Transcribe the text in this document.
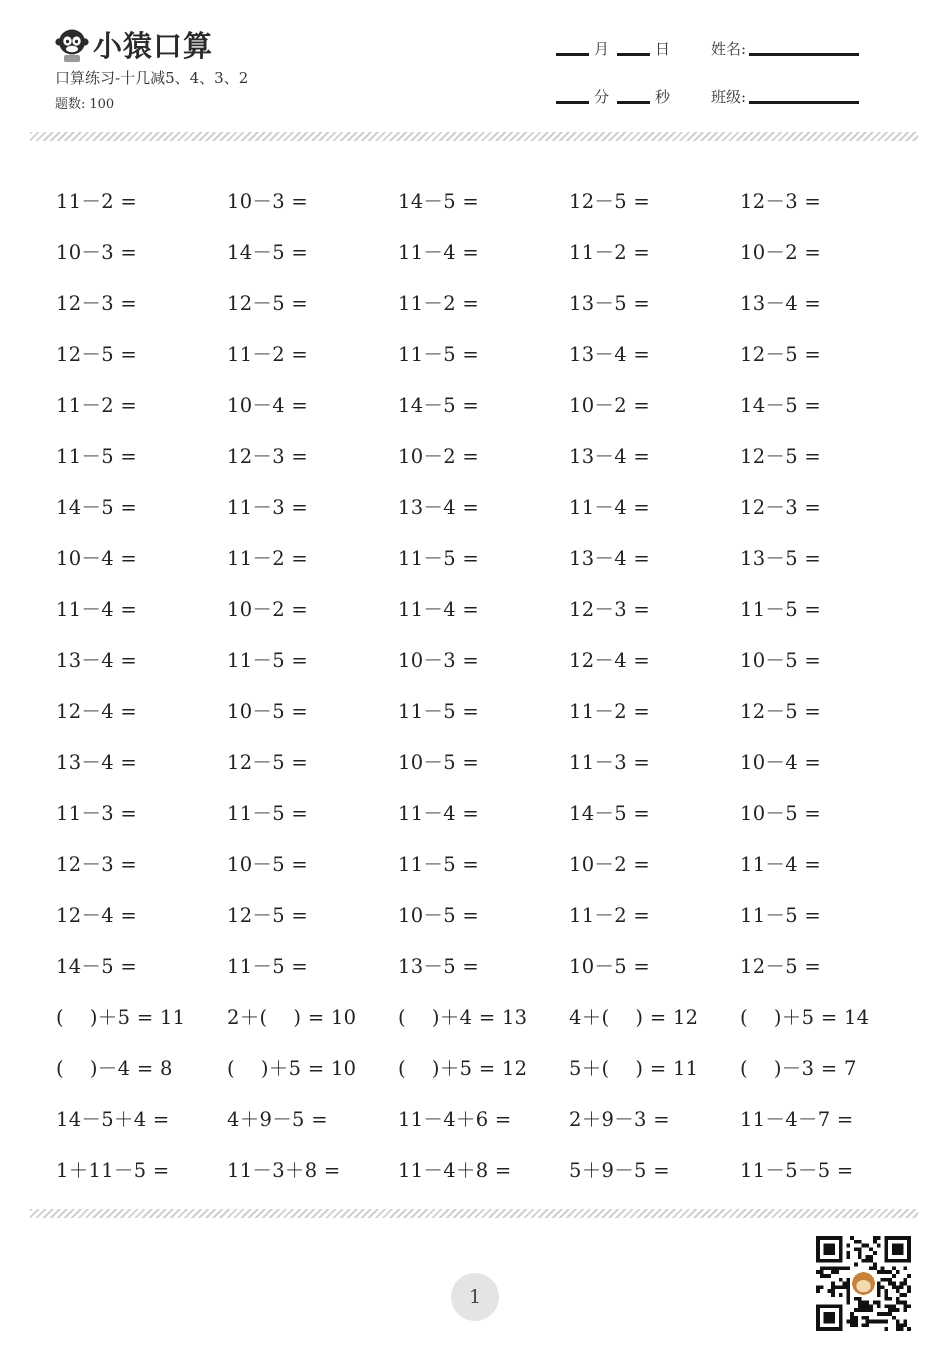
小猿口算
口算练习-十几减5、4、3、2
题数: 100
月	日
分	秒
姓名:
班级:
11－2 =	10－3 =	14－5 =	12－5 =	12－3 =
10－3 =	14－5 =	11－4 =	11－2 =	10－2 =
12－3 =	12－5 =	11－2 =	13－5 =	13－4 =
12－5 =	11－2 =	11－5 =	13－4 =	12－5 =
11－2 =	10－4 =	14－5 =	10－2 =	14－5 =
11－5 =	12－3 =	10－2 =	13－4 =	12－5 =
14－5 =	11－3 =	13－4 =	11－4 =	12－3 =
10－4 =	11－2 =	11－5 =	13－4 =	13－5 =
11－4 =	10－2 =	11－4 =	12－3 =	11－5 =
13－4 =	11－5 =	10－3 =	12－4 =	10－5 =
12－4 =	10－5 =	11－5 =	11－2 =	12－5 =
13－4 =	12－5 =	10－5 =	11－3 =	10－4 =
11－3 =	11－5 =	11－4 =	14－5 =	10－5 =
12－3 =	10－5 =	11－5 =	10－2 =	11－4 =
12－4 =	12－5 =	10－5 =	11－2 =	11－5 =
14－5 =	11－5 =	13－5 =	10－5 =	12－5 =
(    )＋5 = 11	2＋(    ) = 10	(    )＋4 = 13	4＋(    ) = 12	(    )＋5 = 14
(    )－4 = 8	(    )＋5 = 10	(    )＋5 = 12	5＋(    ) = 11	(    )－3 = 7
14－5＋4 =	4＋9－5 =	11－4＋6 =	2＋9－3 =	11－4－7 =
1＋11－5 =	11－3＋8 =	11－4＋8 =	5＋9－5 =	11－5－5 =
1
